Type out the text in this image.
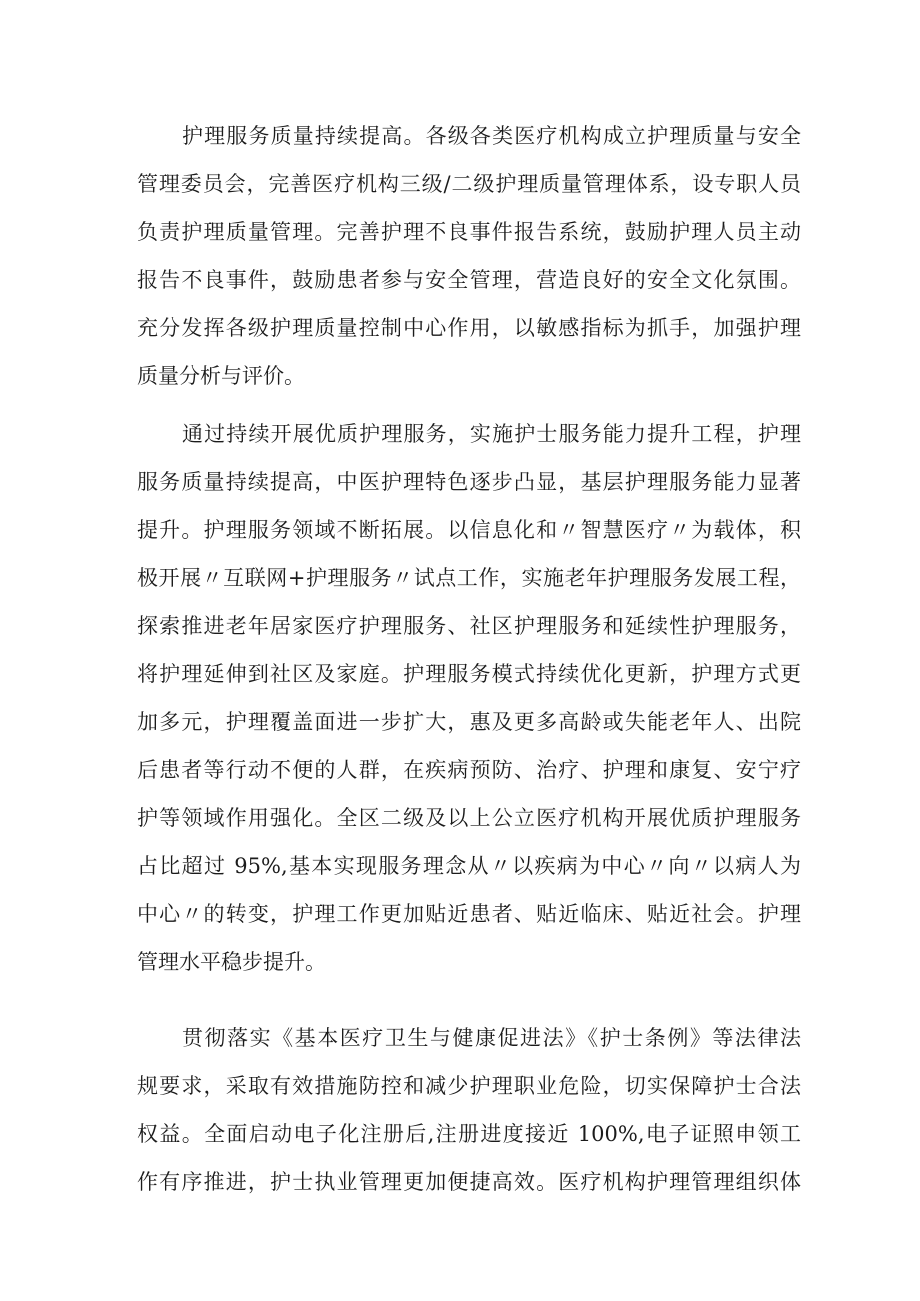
护理服务质量持续提高。各级各类医疗机构成立护理质量与安全
管理委员会，完善医疗机构三级/二级护理质量管理体系，设专职人员
负责护理质量管理。完善护理不良事件报告系统，鼓励护理人员主动
报告不良事件，鼓励患者参与安全管理，营造良好的安全文化氛围。
充分发挥各级护理质量控制中心作用，以敏感指标为抓手，加强护理
质量分析与评价。
通过持续开展优质护理服务，实施护士服务能力提升工程，护理
服务质量持续提高，中医护理特色逐步凸显，基层护理服务能力显著
提升。护理服务领域不断拓展。以信息化和〃智慧医疗〃为载体，积
极开展〃互联网+护理服务〃试点工作，实施老年护理服务发展工程，
探索推进老年居家医疗护理服务、社区护理服务和延续性护理服务，
将护理延伸到社区及家庭。护理服务模式持续优化更新，护理方式更
加多元，护理覆盖面进一步扩大，惠及更多高龄或失能老年人、出院
后患者等行动不便的人群，在疾病预防、治疗、护理和康复、安宁疗
护等领域作用强化。全区二级及以上公立医疗机构开展优质护理服务
占比超过 95%,基本实现服务理念从〃以疾病为中心〃向〃以病人为
中心〃的转变，护理工作更加贴近患者、贴近临床、贴近社会。护理
管理水平稳步提升。
贯彻落实《基本医疗卫生与健康促进法》《护士条例》等法律法
规要求，采取有效措施防控和减少护理职业危险，切实保障护士合法
权益。全面启动电子化注册后,注册进度接近 100%,电子证照申领工
作有序推进，护士执业管理更加便捷高效。医疗机构护理管理组织体
